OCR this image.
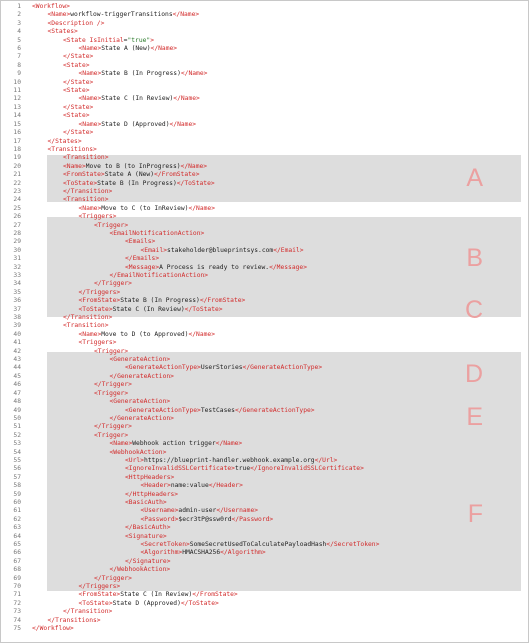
A
B
C
D
E
F
1 <Workflow>
2	<Name>workflow-triggerTransitions</Name>
3	<Description />
4	<States>
5	<State IsInitial="true">
6	<Name>State A (New)</Name>
7	</State>
8	<State>
9	<Name>State B (In Progress)</Name>
10	</State>
11	<State>
12	<Name>State C (In Review)</Name>
13	</State>
14	<State>
15	<Name>State D (Approved)</Name>
16	</State>
17	</States>
18	<Transitions>
19	<Transition>
20	<Name>Move to B (to InProgress)</Name>
21	<FromState>State A (New)</FromState>
22	<ToState>State B (In Progress)</ToState>
23	</Transition>
24	<Transition>
25	<Name>Move to C (to InReview)</Name>
26	<Triggers>
27	<Trigger>
28	<EmailNotificationAction>
29	<Emails>
30	<Email>stakeholder@blueprintsys.com</Email>
31	</Emails>
32	<Message>A Process is ready to review.</Message>
33	</EmailNotificationAction>
34	</Trigger>
35	</Triggers>
36	<FromState>State B (In Progress)</FromState>
37	<ToState>State C (In Review)</ToState>
38	</Transition>
39	<Transition>
40	<Name>Move to D (to Approved)</Name>
41	<Triggers>
42	<Trigger>
43	<GenerateAction>
44	<GenerateActionType>UserStories</GenerateActionType>
45	</GenerateAction>
46	</Trigger>
47	<Trigger>
48	<GenerateAction>
49	<GenerateActionType>TestCases</GenerateActionType>
50	</GenerateAction>
51	</Trigger>
52	<Trigger>
53	<Name>Webhook action trigger</Name>
54	<WebhookAction>
55	<Url>https://blueprint-handler.webhook.example.org</Url>
56	<IgnoreInvalidSSLCertificate>true</IgnoreInvalidSSLCertificate>
57	<HttpHeaders>
58	<Header>name:value</Header>
59	</HttpHeaders>
60	<BasicAuth>
61	<Username>admin-user</Username>
62	<Password>$ecr3tP@ssw0rd</Password>
63	</BasicAuth>
64	<Signature>
65	<SecretToken>SomeSecretUsedToCalculatePayloadHash</SecretToken>
66	<Algorithm>HMACSHA256</Algorithm>
67	</Signature>
68	</WebhookAction>
69	</Trigger>
70	</Triggers>
71	<FromState>State C (In Review)</FromState>
72	<ToState>State D (Approved)</ToState>
73	</Transition>
74	</Transitions>
75 </Workflow>
